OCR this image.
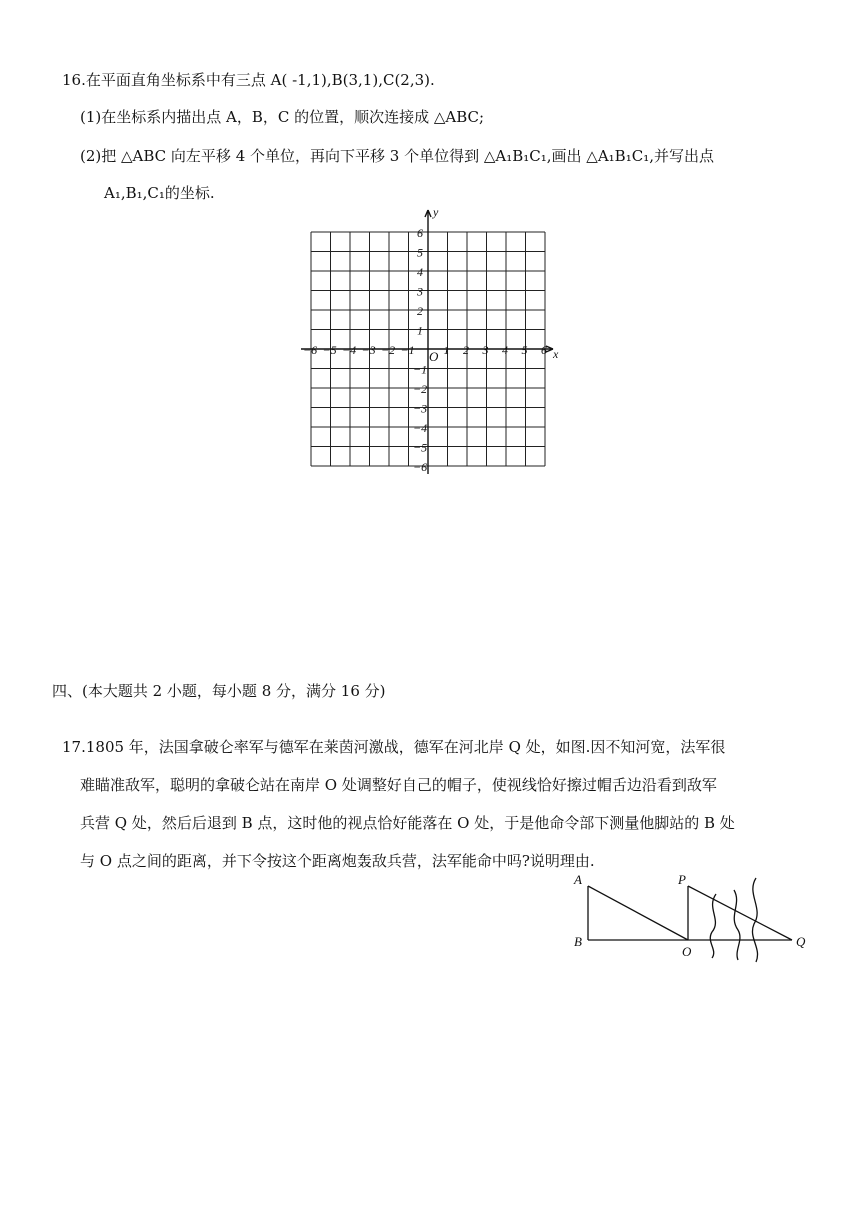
16.在平面直角坐标系中有三点 A( -1,1),B(3,1),C(2,3).
(1)在坐标系内描出点 A，B，C 的位置，顺次连接成 △ABC;
(2)把 △ABC 向左平移 4 个单位，再向下平移 3 个单位得到 △A₁B₁C₁,画出 △A₁B₁C₁,并写出点
A₁,B₁,C₁的坐标.
−6 −5 −4 −3 −2 −1 1 2 3 4 5 6
6
5
4
3
2
1
−1
−2
−3
−4
−5
−6
x
y
O
四、(本大题共 2 小题，每小题 8 分，满分 16 分)
17.1805 年，法国拿破仑率军与德军在莱茵河激战，德军在河北岸 Q 处，如图.因不知河宽，法军很
难瞄准敌军，聪明的拿破仑站在南岸 O 处调整好自己的帽子，使视线恰好擦过帽舌边沿看到敌军
兵营 Q 处，然后后退到 B 点，这时他的视点恰好能落在 O 处，于是他命令部下测量他脚站的 B 处
与 O 点之间的距离，并下令按这个距离炮轰敌兵营，法军能命中吗?说明理由.
A
B
O
P
Q
